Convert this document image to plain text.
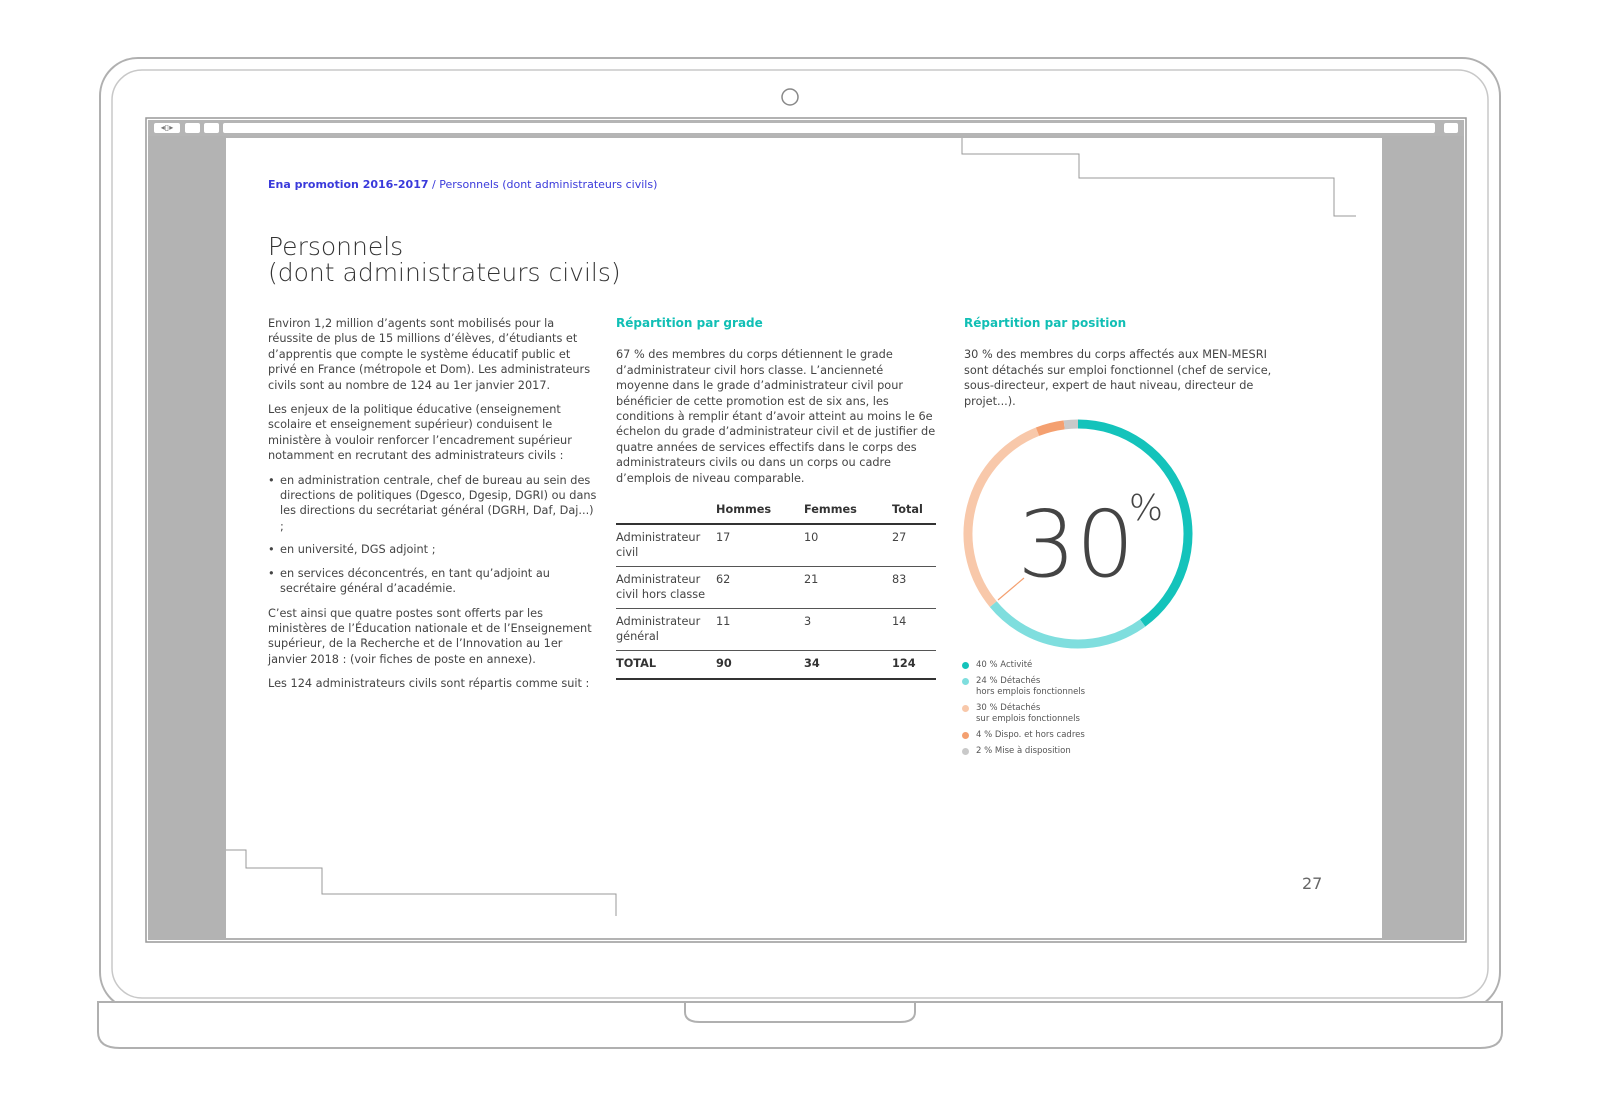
◂▯▸
Ena promotion 2016-2017 / Personnels (dont administrateurs civils)
Personnels
(dont administrateurs civils)

Environ 1,2 million d’agents sont mobilisés pour la réussite de plus de 15 millions d’élèves, d’étudiants et d’apprentis que compte le système éducatif public et privé en France (métropole et Dom). Les administrateurs civils sont au nombre de 124 au 1er janvier 2017.

Les enjeux de la politique éducative (enseignement scolaire et enseignement supérieur) conduisent le ministère à vouloir renforcer l’encadrement supérieur notamment en recrutant des administrateurs civils :

• en administration centrale, chef de bureau au sein des directions de politiques (Dgesco, Dgesip, DGRI) ou dans les directions du secrétariat général (DGRH, Daf, Daj...) ;
• en université, DGS adjoint ;
• en services déconcentrés, en tant qu’adjoint au secrétaire général d’académie.

C’est ainsi que quatre postes sont offerts par les ministères de l’Éducation nationale et de l’Enseignement supérieur, de la Recherche et de l’Innovation au 1er janvier 2018 : (voir fiches de poste en annexe).

Les 124 administrateurs civils sont répartis comme suit :

Répartition par grade
67 % des membres du corps détiennent le grade d’administrateur civil hors classe. L’ancienneté moyenne dans le grade d’administrateur civil pour bénéficier de cette promotion est de six ans, les conditions à remplir étant d’avoir atteint au moins le 6e échelon du grade d’administrateur civil et de justifier de quatre années de services effectifs dans le corps des administrateurs civils ou dans un corps ou cadre d’emplois de niveau comparable.
	Hommes	Femmes	Total
Administrateur civil	17	10	27
Administrateur civil hors classe	62	21	83
Administrateur général	11	3	14
TOTAL	90	34	124
Répartition par position
30 % des membres du corps affectés aux MEN-MESRI sont détachés sur emploi fonctionnel (chef de service, sous-directeur, expert de haut niveau, directeur de projet...).
27
30
%
40 % Activité
24 % Détachés
hors emplois fonctionnels
30 % Détachés
sur emplois fonctionnels
4 % Dispo. et hors cadres
2 % Mise à disposition
